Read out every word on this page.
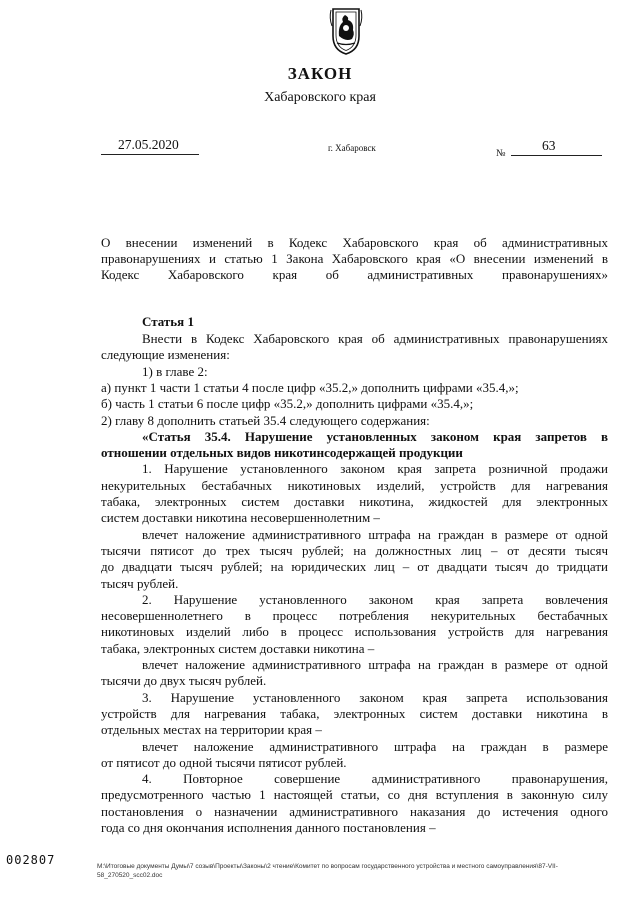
ЗАКОН
Хабаровского края
27.05.2020	г. Хабаровск	№
63
О внесении изменений в Кодекс Хабаровского края об административных
правонарушениях и статью 1 Закона Хабаровского края «О внесении изменений в
Кодекс Хабаровского края об административных правонарушениях»
Статья 1
Внести в Кодекс Хабаровского края об административных правонарушениях
следующие изменения:
1) в главе 2:
а) пункт 1 части 1 статьи 4 после цифр «35.2,» дополнить цифрами «35.4,»;
б) часть 1 статьи 6 после цифр «35.2,» дополнить цифрами «35.4,»;
2) главу 8 дополнить статьей 35.4 следующего содержания:
«Статья 35.4. Нарушение установленных законом края запретов в
отношении отдельных видов никотинсодержащей продукции
1. Нарушение установленного законом края запрета розничной продажи
некурительных бестабачных никотиновых изделий, устройств для нагревания
табака, электронных систем доставки никотина, жидкостей для электронных
систем доставки никотина несовершеннолетним –
влечет наложение административного штрафа на граждан в размере от одной
тысячи пятисот до трех тысяч рублей; на должностных лиц – от десяти тысяч
до двадцати тысяч рублей; на юридических лиц – от двадцати тысяч до тридцати
тысяч рублей.
2. Нарушение установленного законом края запрета вовлечения
несовершеннолетнего в процесс потребления некурительных бестабачных
никотиновых изделий либо в процесс использования устройств для нагревания
табака, электронных систем доставки никотина –
влечет наложение административного штрафа на граждан в размере от одной
тысячи до двух тысяч рублей.
3. Нарушение установленного законом края запрета использования
устройств для нагревания табака, электронных систем доставки никотина в
отдельных местах на территории края –
влечет наложение административного штрафа на граждан в размере
от пятисот до одной тысячи пятисот рублей.
4. Повторное совершение административного правонарушения,
предусмотренного частью 1 настоящей статьи, со дня вступления в законную силу
постановления о назначении административного наказания до истечения одного
года со дня окончания исполнения данного постановления –
002807	M:\Итоговые документы Думы\7 созыв\Проекты\Законы\2 чтение\Комитет по вопросам государственного устройства и местного самоуправления\87-VII-
58_270520_scc02.doc
